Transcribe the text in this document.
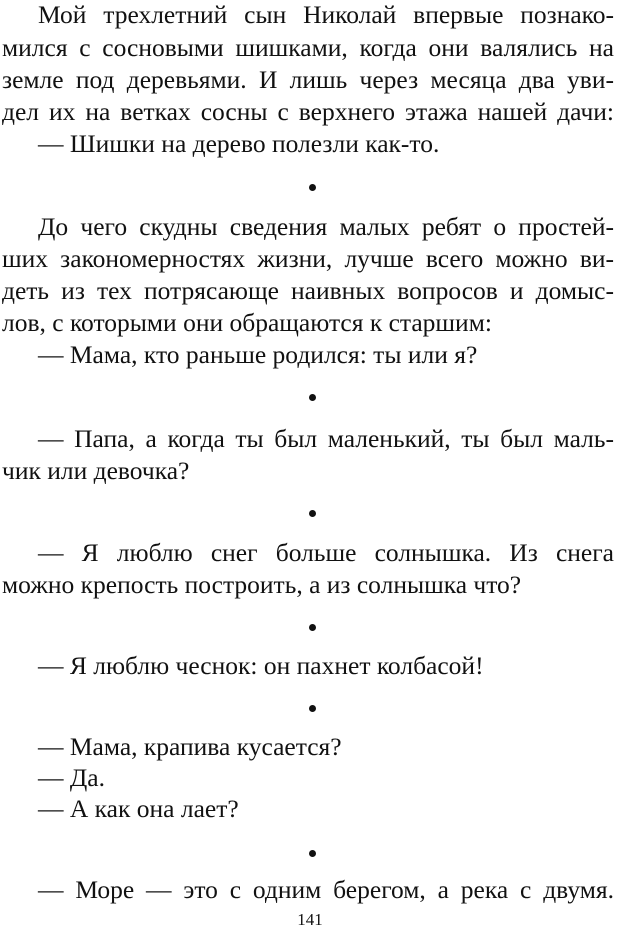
Мой трехлетний сын Николай впервые познако-
мился с сосновыми шишками, когда они валялись на
земле под деревьями. И лишь через месяца два уви-
дел их на ветках сосны с верхнего этажа нашей дачи:
— Шишки на дерево полезли как-то.
До чего скудны сведения малых ребят о простей-
ших закономерностях жизни, лучше всего можно ви-
деть из тех потрясающе наивных вопросов и домыс-
лов, с которыми они обращаются к старшим:
— Мама, кто раньше родился: ты или я?
— Папа, а когда ты был маленький, ты был маль-
чик или девочка?
— Я люблю снег больше солнышка. Из снега
можно крепость построить, а из солнышка что?
— Я люблю чеснок: он пахнет колбасой!
— Мама, крапива кусается?
— Да.
— А как она лает?
— Море — это с одним берегом, а река с двумя.
141
